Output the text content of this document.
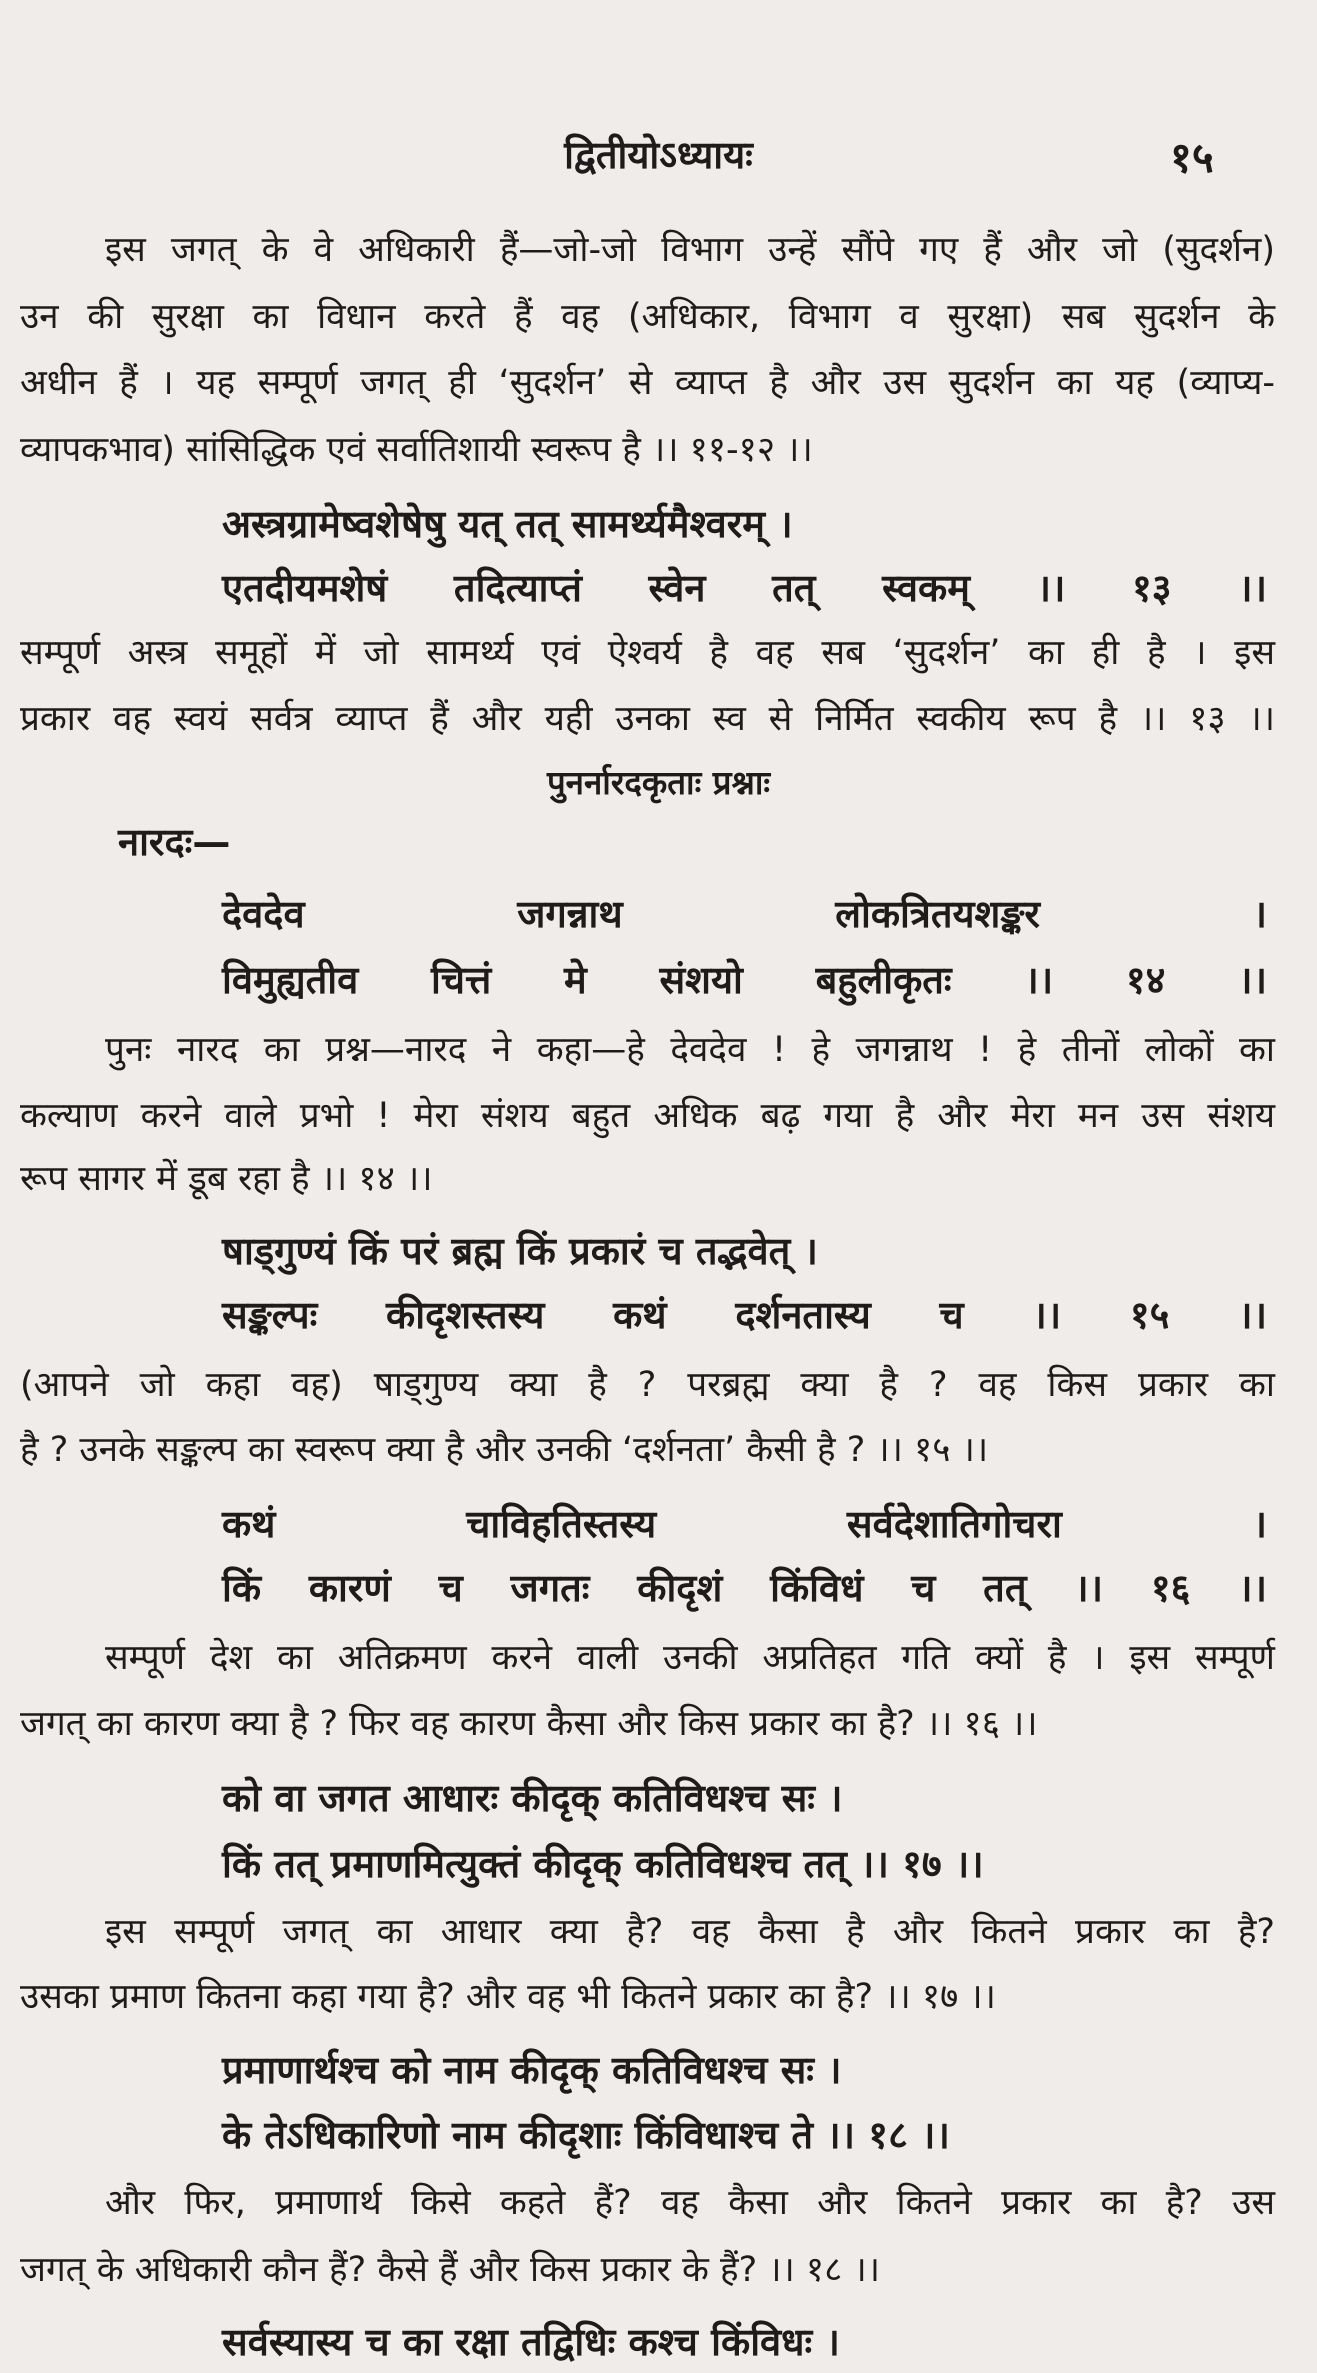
द्वितीयोऽध्यायः	१५
इस जगत् के वे अधिकारी हैं—जो-जो विभाग उन्हें सौंपे गए हैं और जो (सुदर्शन)
उन की सुरक्षा का विधान करते हैं वह (अधिकार, विभाग व सुरक्षा) सब सुदर्शन के
अधीन हैं । यह सम्पूर्ण जगत् ही ‘सुदर्शन’ से व्याप्त है और उस सुदर्शन का यह (व्याप्य-
व्यापकभाव) सांसिद्धिक एवं सर्वातिशायी स्वरूप है ।। ११-१२ ।।
अस्त्रग्रामेष्वशेषेषु यत् तत् सामर्थ्यमैश्वरम् ।
एतदीयमशेषं तदित्याप्तं स्वेन तत् स्वकम् ।। १३ ।।
सम्पूर्ण अस्त्र समूहों में जो सामर्थ्य एवं ऐश्वर्य है वह सब ‘सुदर्शन’ का ही है । इस
प्रकार वह स्वयं सर्वत्र व्याप्त हैं और यही उनका स्व से निर्मित स्वकीय रूप है ।। १३ ।।
पुनर्नारदकृताः प्रश्नाः
नारदः—
देवदेव जगन्नाथ लोकत्रितयशङ्कर ।
विमुह्यतीव चित्तं मे संशयो बहुलीकृतः ।। १४ ।।
पुनः नारद का प्रश्न—नारद ने कहा—हे देवदेव ! हे जगन्नाथ ! हे तीनों लोकों का
कल्याण करने वाले प्रभो ! मेरा संशय बहुत अधिक बढ़ गया है और मेरा मन उस संशय
रूप सागर में डूब रहा है ।। १४ ।।
षाड्गुण्यं किं परं ब्रह्म किं प्रकारं च तद्भवेत् ।
सङ्कल्पः कीदृशस्तस्य कथं दर्शनतास्य च ।। १५ ।।
(आपने जो कहा वह) षाड्गुण्य क्या है ? परब्रह्म क्या है ? वह किस प्रकार का
है ? उनके सङ्कल्प का स्वरूप क्या है और उनकी ‘दर्शनता’ कैसी है ? ।। १५ ।।
कथं चाविहतिस्तस्य सर्वदेशातिगोचरा ।
किं कारणं च जगतः कीदृशं किंविधं च तत् ।। १६ ।।
सम्पूर्ण देश का अतिक्रमण करने वाली उनकी अप्रतिहत गति क्यों है । इस सम्पूर्ण
जगत् का कारण क्या है ? फिर वह कारण कैसा और किस प्रकार का है? ।। १६ ।।
को वा जगत आधारः कीदृक् कतिविधश्च सः ।
किं तत् प्रमाणमित्युक्तं कीदृक् कतिविधश्च तत् ।। १७ ।।
इस सम्पूर्ण जगत् का आधार क्या है? वह कैसा है और कितने प्रकार का है?
उसका प्रमाण कितना कहा गया है? और वह भी कितने प्रकार का है? ।। १७ ।।
प्रमाणार्थश्च को नाम कीदृक् कतिविधश्च सः ।
के तेऽधिकारिणो नाम कीदृशाः किंविधाश्च ते ।। १८ ।।
और फिर, प्रमाणार्थ किसे कहते हैं? वह कैसा और कितने प्रकार का है? उस
जगत् के अधिकारी कौन हैं? कैसे हैं और किस प्रकार के हैं? ।। १८ ।।
सर्वस्यास्य च का रक्षा तद्विधिः कश्च किंविधः ।
